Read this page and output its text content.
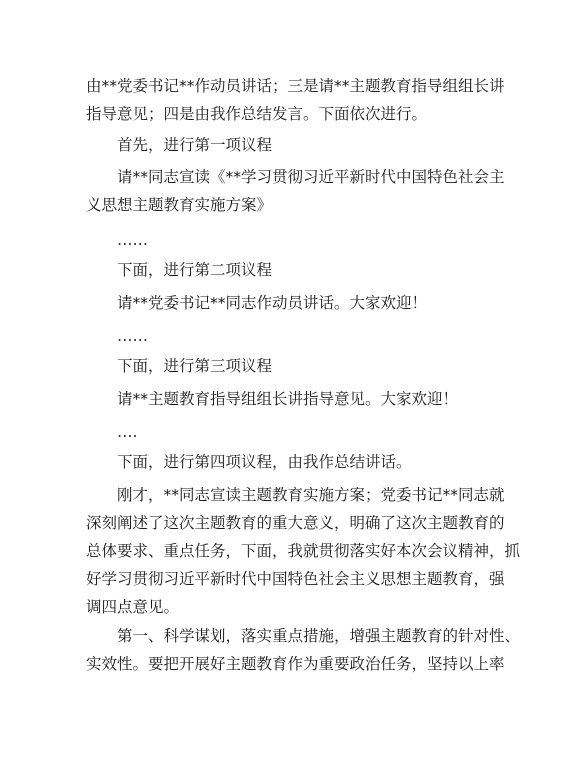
由**党委书记**作动员讲话；三是请**主题教育指导组组长讲
指导意见；四是由我作总结发言。下面依次进行。

首先，进行第一项议程

请**同志宣读《**学习贯彻习近平新时代中国特色社会主
义思想主题教育实施方案》

……

下面，进行第二项议程

请**党委书记**同志作动员讲话。大家欢迎！

……

下面，进行第三项议程

请**主题教育指导组组长讲指导意见。大家欢迎！

….

下面，进行第四项议程，由我作总结讲话。

刚才，**同志宣读主题教育实施方案；党委书记**同志就
深刻阐述了这次主题教育的重大意义，明确了这次主题教育的
总体要求、重点任务，下面，我就贯彻落实好本次会议精神，抓
好学习贯彻习近平新时代中国特色社会主义思想主题教育，强
调四点意见。

第一、科学谋划，落实重点措施，增强主题教育的针对性、
实效性。要把开展好主题教育作为重要政治任务，坚持以上率
